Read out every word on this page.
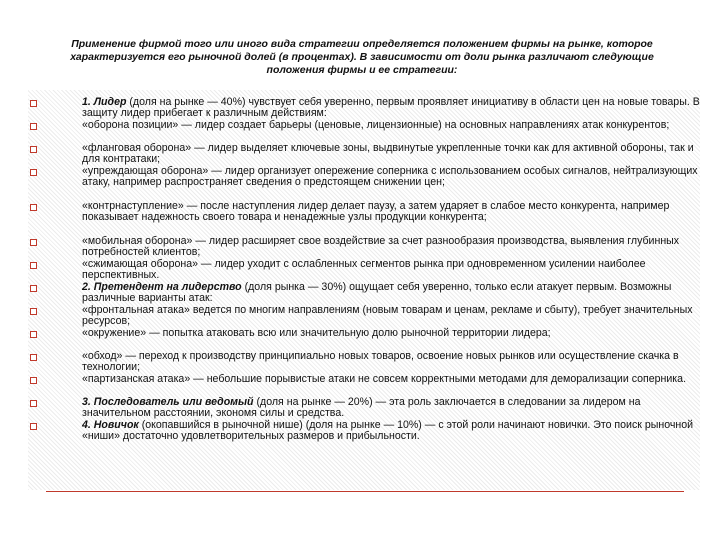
Применение фирмой того или иного вида стратегии определяется положением фирмы на рынке, которое характеризуется его рыночной долей (в процентах). В зависимости от доли рынка различают следующие положения фирмы и ее стратегии:
1. Лидер (доля на рынке — 40%) чувствует себя уверенно, первым проявляет инициативу в области цен на новые товары. В защиту лидер прибегает к различным действиям:
«оборона позиции» — лидер создает барьеры (ценовые, лицензионные) на основных направлениях атак конкурентов;
«фланговая оборона» — лидер выделяет ключевые зоны, выдвинутые укрепленные точки как для активной обороны, так и для контратаки;
«упреждающая оборона» — лидер организует опережение соперника с использованием особых сигналов, нейтрализующих атаку, например распространяет сведения о предстоящем снижении цен;
«контрнаступление» — после наступления лидер делает паузу, а затем ударяет в слабое место конкурента, например показывает надежность своего товара и ненадежные узлы продукции конкурента;
«мобильная оборона» — лидер расширяет свое воздействие за счет разнообразия производства, выявления глубинных потребностей клиентов;
«сжимающая оборона» — лидер уходит с ослабленных сегментов рынка при одновременном усилении наиболее перспективных.
2. Претендент на лидерство (доля рынка — 30%) ощущает себя уверенно, только если атакует первым. Возможны различные варианты атак:
«фронтальная атака» ведется по многим направлениям (новым товарам и ценам, рекламе и сбыту), требует значительных ресурсов;
«окружение» — попытка атаковать всю или значительную долю рыночной территории лидера;
«обход» — переход к производству принципиально новых товаров, освоение новых рынков или осуществление скачка в технологии;
«партизанская атака» — небольшие порывистые атаки не совсем корректными методами для деморализации соперника.
3. Последователь или ведомый (доля на рынке — 20%) — эта роль заключается в следовании за лидером на значительном расстоянии, экономя силы и средства.
4. Новичок (окопавшийся в рыночной нише) (доля на рынке — 10%) — с этой роли начинают новички. Это поиск рыночной «ниши» достаточно удовлетворительных размеров и прибыльности.
